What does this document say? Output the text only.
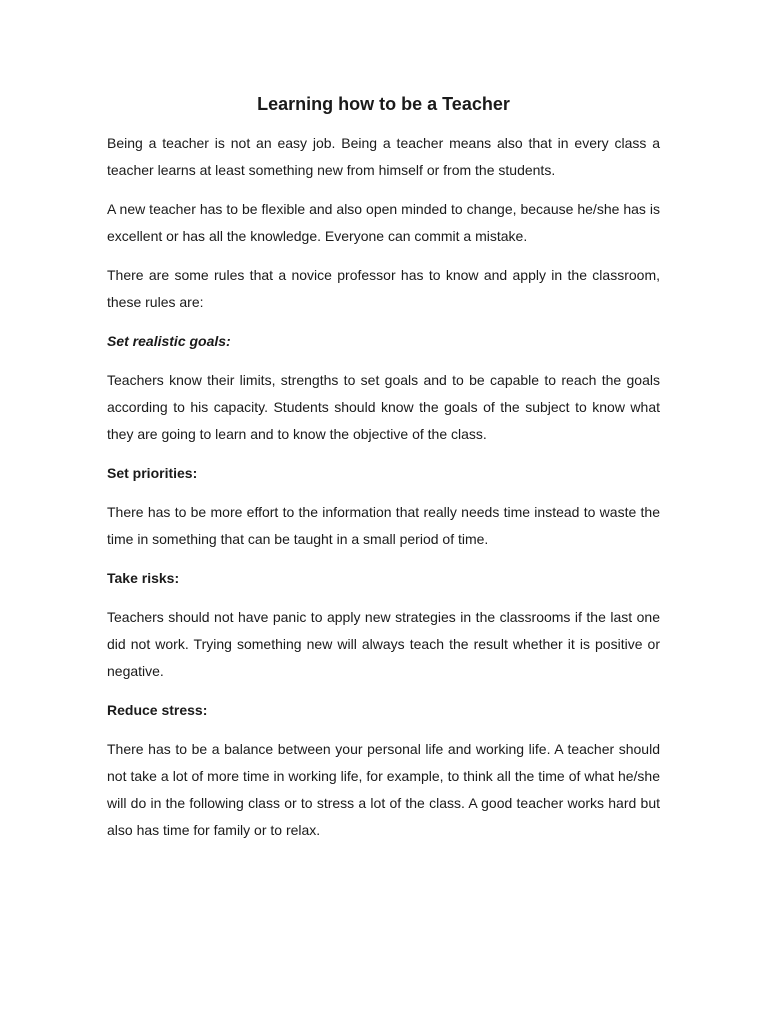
Learning how to be a Teacher

Being a teacher is not an easy job. Being a teacher means also that in every class a teacher learns at least something new from himself or from the students.

A new teacher has to be flexible and also open minded to change, because he/she has is excellent or has all the knowledge. Everyone can commit a mistake.

There are some rules that a novice professor has to know and apply in the classroom, these rules are:

Set realistic goals:

Teachers know their limits, strengths to set goals and to be capable to reach the goals according to his capacity. Students should know the goals of the subject to know what they are going to learn and to know the objective of the class.

Set priorities:

There has to be more effort to the information that really needs time instead to waste the time in something that can be taught in a small period of time.

Take risks:

Teachers should not have panic to apply new strategies in the classrooms if the last one did not work. Trying something new will always teach the result whether it is positive or negative.

Reduce stress:

There has to be a balance between your personal life and working life. A teacher should not take a lot of more time in working life, for example, to think all the time of what he/she will do in the following class or to stress a lot of the class. A good teacher works hard but also has time for family or to relax.
